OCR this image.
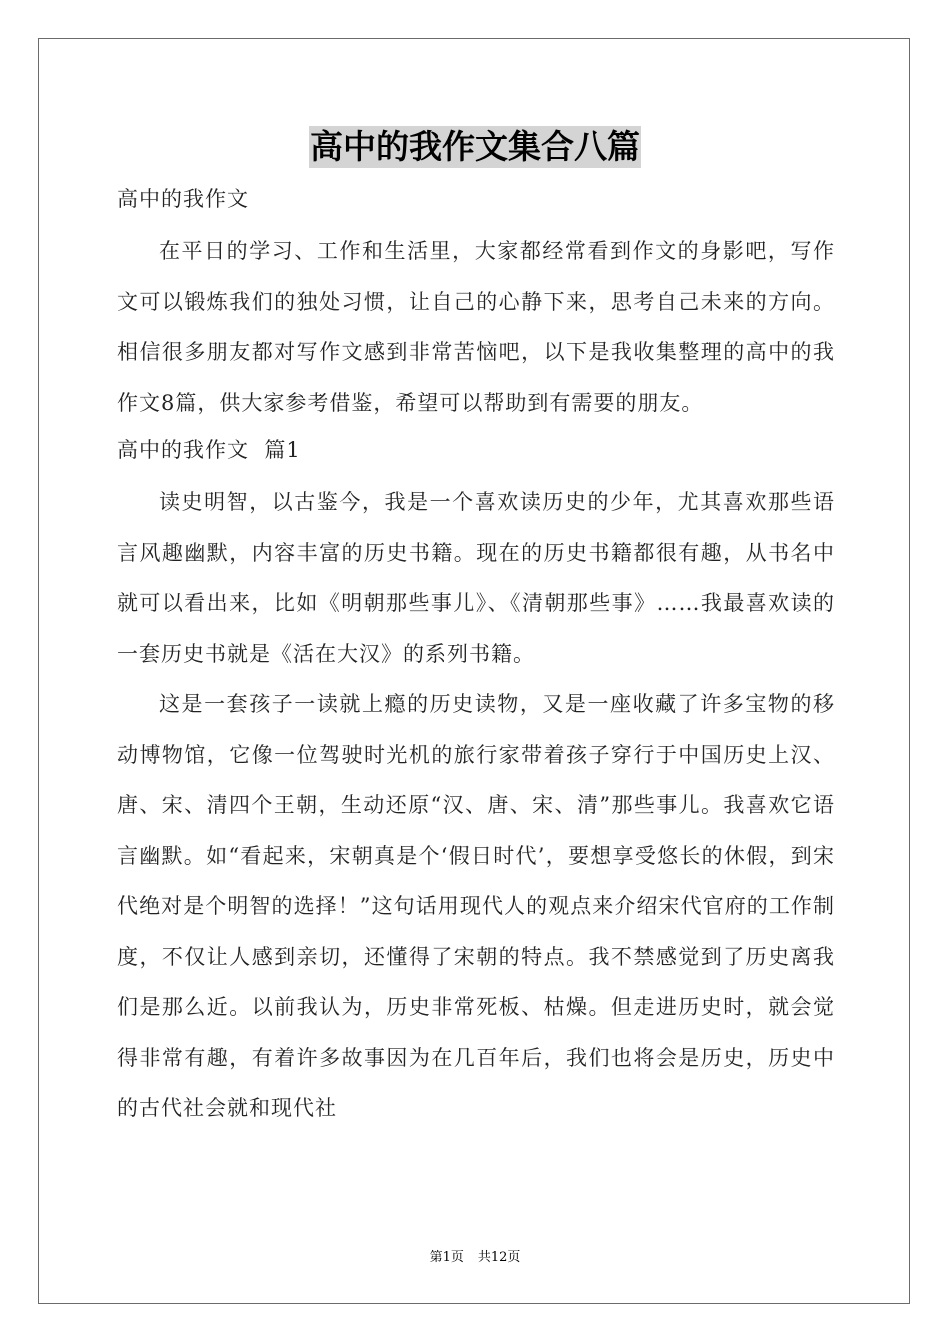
高中的我作文集合八篇
高中的我作文

在平日的学习、工作和生活里，大家都经常看到作文的身影吧，写作文可以锻炼我们的独处习惯，让自己的心静下来，思考自己未来的方向。相信很多朋友都对写作文感到非常苦恼吧，以下是我收集整理的高中的我作文8篇，供大家参考借鉴，希望可以帮助到有需要的朋友。

高中的我作文  篇1

读史明智，以古鉴今，我是一个喜欢读历史的少年，尤其喜欢那些语言风趣幽默，内容丰富的历史书籍。现在的历史书籍都很有趣，从书名中就可以看出来，比如《明朝那些事儿》、《清朝那些事》……我最喜欢读的一套历史书就是《活在大汉》的系列书籍。

这是一套孩子一读就上瘾的历史读物，又是一座收藏了许多宝物的移动博物馆，它像一位驾驶时光机的旅行家带着孩子穿行于中国历史上汉、唐、宋、清四个王朝，生动还原“汉、唐、宋、清”那些事儿。我喜欢它语言幽默。如“看起来，宋朝真是个‘假日时代’，要想享受悠长的休假，到宋代绝对是个明智的选择！”这句话用现代人的观点来介绍宋代官府的工作制度，不仅让人感到亲切，还懂得了宋朝的特点。我不禁感觉到了历史离我们是那么近。以前我认为，历史非常死板、枯燥。但走进历史时，就会觉得非常有趣，有着许多故事因为在几百年后，我们也将会是历史，历史中的古代社会就和现代社

第1页 共12页
